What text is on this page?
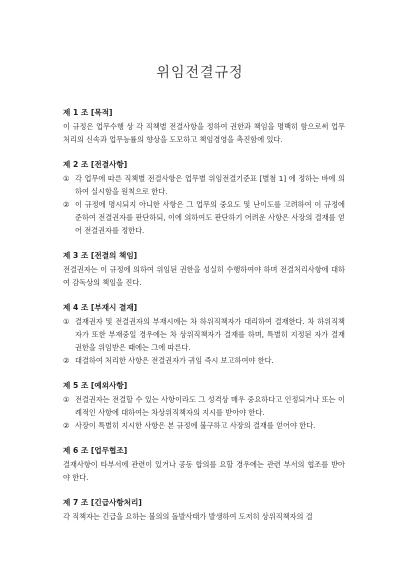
위임전결규정

제 1 조 [목적]

이 규정은 업무수행 상 각 직책별 전결사항을 정하여 권한과 책임을 명백히 함으로써 업무처리의 신속과 업무능률의 향상을 도모하고 책임경영을 촉진함에 있다.

제 2 조 [전결사항]

① 각 업무에 따른 직책별 전결사항은 업무별 위임전결기준표 [별첨 1] 에 정하는 바에 의하여 실시함을 원칙으로 한다.
② 이 규정에 명시되지 아니한 사항은 그 업무의 중요도 및 난이도를 고려하여 이 규정에 준하여 전결권자를 판단하되, 이에 의하여도 판단하기 어려운 사항은 사장의 결재를 얻어 전결권자를 정한다.

제 3 조 [전결의 책임]

전결권자는 이 규정에 의하여 위임된 권한을 성실히 수행하여야 하며 전결처리사항에 대하여 감독상의 책임을 진다.

제 4 조 [부재시 결재]

① 결재권자 및 전결권자의 부재시에는 차 하위직책자가 대리하여 결재한다. 차 하위직책자가 또한 부재중일 경우에는 차 상위직책자가 결재를 하며, 특별히 지정된 자가 결재권한을 위임받은 때에는 그에 따른다.
② 대결하여 처리한 사항은 전결권자가 귀임 즉시 보고하여야 한다.

제 5 조 [예외사항]

① 전결권자는 전결할 수 있는 사항이라도 그 성격상 매우 중요하다고 인정되거나 또는 이례적인 사항에 대하여는 차상위직책자의 지시를 받아야 한다.
② 사장이 특별히 지시한 사항은 본 규정에 불구하고 사장의 결재를 얻어야 한다.

제 6 조 [업무협조]

결재사항이 타부서에 관련이 있거나 공동 합의를 요할 경우에는 관련 부서의 협조를 받아야 한다.

제 7 조 [긴급사항처리]

각 직책자는 긴급을 요하는 불의의 돌발사태가 발생하여 도저히 상위직책자의 결
